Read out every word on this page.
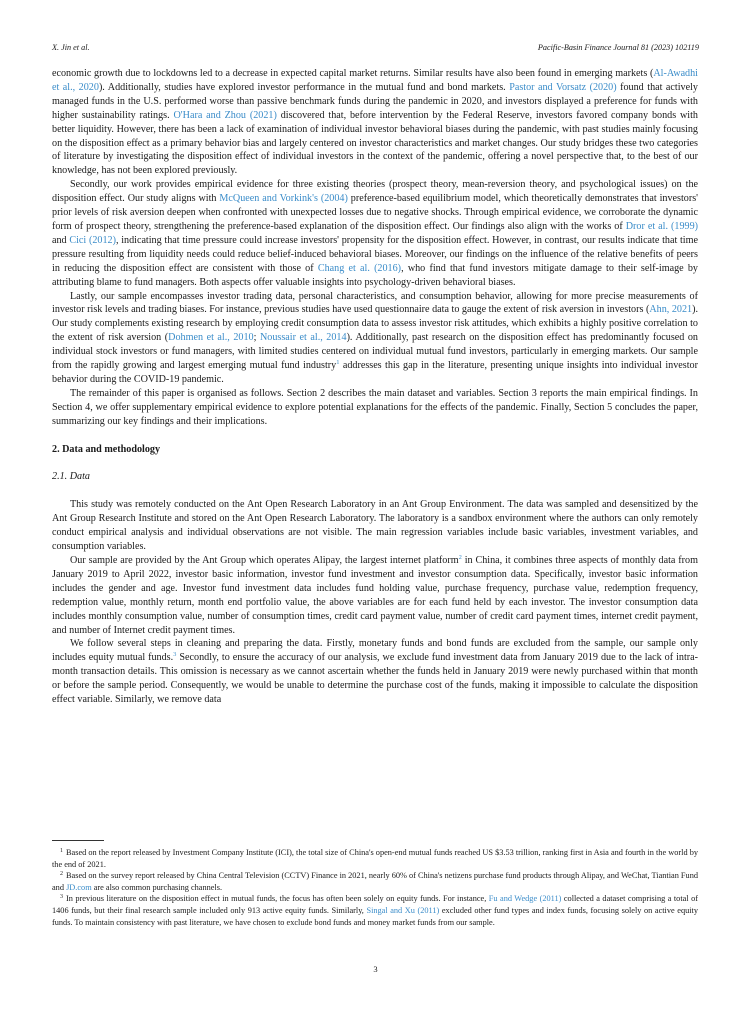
X. Jin et al.	Pacific-Basin Finance Journal 81 (2023) 102119

economic growth due to lockdowns led to a decrease in expected capital market returns. Similar results have also been found in emerging markets (Al-Awadhi et al., 2020). Additionally, studies have explored investor performance in the mutual fund and bond markets. Pastor and Vorsatz (2020) found that actively managed funds in the U.S. performed worse than passive benchmark funds during the pandemic in 2020, and investors displayed a preference for funds with higher sustainability ratings. O'Hara and Zhou (2021) discovered that, before intervention by the Federal Reserve, investors favored company bonds with better liquidity. However, there has been a lack of examination of individual investor behavioral biases during the pandemic, with past studies mainly focusing on the disposition effect as a primary behavior bias and largely centered on investor characteristics and market changes. Our study bridges these two categories of literature by investigating the disposition effect of individual investors in the context of the pandemic, offering a novel perspective that, to the best of our knowledge, has not been explored previously.

Secondly, our work provides empirical evidence for three existing theories (prospect theory, mean-reversion theory, and psychological issues) on the disposition effect. Our study aligns with McQueen and Vorkink's (2004) preference-based equilibrium model, which theoretically demonstrates that investors' prior levels of risk aversion deepen when confronted with unexpected losses due to negative shocks. Through empirical evidence, we corroborate the dynamic form of prospect theory, strengthening the preference-based explanation of the disposition effect. Our findings also align with the works of Dror et al. (1999) and Cici (2012), indicating that time pressure could increase investors' propensity for the disposition effect. However, in contrast, our results indicate that time pressure resulting from liquidity needs could reduce belief-induced behavioral biases. Moreover, our findings on the influence of the relative benefits of peers in reducing the disposition effect are consistent with those of Chang et al. (2016), who find that fund investors mitigate damage to their self-image by attributing blame to fund managers. Both aspects offer valuable insights into psychology-driven behavioral biases.

Lastly, our sample encompasses investor trading data, personal characteristics, and consumption behavior, allowing for more precise measurements of investor risk levels and trading biases. For instance, previous studies have used questionnaire data to gauge the extent of risk aversion in investors (Ahn, 2021). Our study complements existing research by employing credit consumption data to assess investor risk attitudes, which exhibits a highly positive correlation to the extent of risk aversion (Dohmen et al., 2010; Noussair et al., 2014). Additionally, past research on the disposition effect has predominantly focused on individual stock investors or fund managers, with limited studies centered on individual mutual fund investors, particularly in emerging markets. Our sample from the rapidly growing and largest emerging mutual fund industry$^1$ addresses this gap in the literature, presenting unique insights into individual investor behavior during the COVID-19 pandemic.

The remainder of this paper is organised as follows. Section 2 describes the main dataset and variables. Section 3 reports the main empirical findings. In Section 4, we offer supplementary empirical evidence to explore potential explanations for the effects of the pandemic. Finally, Section 5 concludes the paper, summarizing our key findings and their implications.

2. Data and methodology

2.1. Data

This study was remotely conducted on the Ant Open Research Laboratory in an Ant Group Environment. The data was sampled and desensitized by the Ant Group Research Institute and stored on the Ant Open Research Laboratory. The laboratory is a sandbox environment where the authors can only remotely conduct empirical analysis and individual observations are not visible. The main regression variables include basic variables, investment variables, and consumption variables.

Our sample are provided by the Ant Group which operates Alipay, the largest internet platform$^2$ in China, it combines three aspects of monthly data from January 2019 to April 2022, investor basic information, investor fund investment and investor consumption data. Specifically, investor basic information includes the gender and age. Investor fund investment data includes fund holding value, purchase frequency, purchase value, redemption frequency, redemption value, monthly return, month end portfolio value, the above variables are for each fund held by each investor. The investor consumption data includes monthly consumption value, number of consumption times, credit card payment value, number of credit card payment times, internet credit payment, and number of Internet credit payment times.

We follow several steps in cleaning and preparing the data. Firstly, monetary funds and bond funds are excluded from the sample, our sample only includes equity mutual funds.$^3$ Secondly, to ensure the accuracy of our analysis, we exclude fund investment data from January 2019 due to the lack of intra-month transaction details. This omission is necessary as we cannot ascertain whether the funds held in January 2019 were newly purchased within that month or before the sample period. Consequently, we would be unable to determine the purchase cost of the funds, making it impossible to calculate the disposition effect variable. Similarly, we remove data

$^1$ Based on the report released by Investment Company Institute (ICI), the total size of China's open-end mutual funds reached US $3.53 trillion, ranking first in Asia and fourth in the world by the end of 2021.

$^2$ Based on the survey report released by China Central Television (CCTV) Finance in 2021, nearly 60% of China's netizens purchase fund products through Alipay, and WeChat, Tiantian Fund and JD.com are also common purchasing channels.

$^3$ In previous literature on the disposition effect in mutual funds, the focus has often been solely on equity funds. For instance, Fu and Wedge (2011) collected a dataset comprising a total of 1406 funds, but their final research sample included only 913 active equity funds. Similarly, Singal and Xu (2011) excluded other fund types and index funds, focusing solely on active equity funds. To maintain consistency with past literature, we have chosen to exclude bond funds and money market funds from our sample.

3
